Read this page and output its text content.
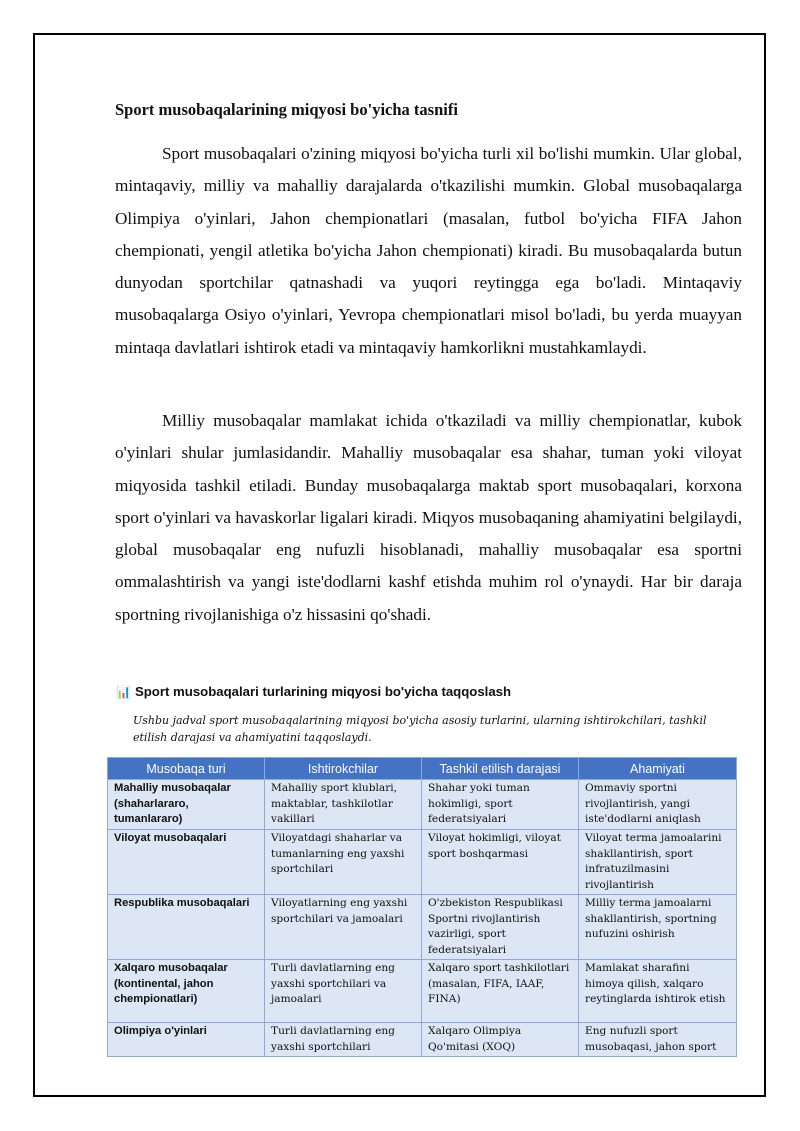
Sport musobaqalarining miqyosi bo'yicha tasnifi

Sport musobaqalari o'zining miqyosi bo'yicha turli xil bo'lishi mumkin. Ular global, mintaqaviy, milliy va mahalliy darajalarda o'tkazilishi mumkin. Global musobaqalarga Olimpiya o'yinlari, Jahon chempionatlari (masalan, futbol bo'yicha FIFA Jahon chempionati, yengil atletika bo'yicha Jahon chempionati) kiradi. Bu musobaqalarda butun dunyodan sportchilar qatnashadi va yuqori reytingga ega bo'ladi. Mintaqaviy musobaqalarga Osiyo o'yinlari, Yevropa chempionatlari misol bo'ladi, bu yerda muayyan mintaqa davlatlari ishtirok etadi va mintaqaviy hamkorlikni mustahkamlaydi.

Milliy musobaqalar mamlakat ichida o'tkaziladi va milliy chempionatlar, kubok o'yinlari shular jumlasidandir. Mahalliy musobaqalar esa shahar, tuman yoki viloyat miqyosida tashkil etiladi. Bunday musobaqalarga maktab sport musobaqalari, korxona sport o'yinlari va havaskorlar ligalari kiradi. Miqyos musobaqaning ahamiyatini belgilaydi, global musobaqalar eng nufuzli hisoblanadi, mahalliy musobaqalar esa sportni ommalashtirish va yangi iste'dodlarni kashf etishda muhim rol o'ynaydi. Har bir daraja sportning rivojlanishiga o'z hissasini qo'shadi.

📊 Sport musobaqalari turlarining miqyosi bo'yicha taqqoslash
Ushbu jadval sport musobaqalarining miqyosi bo'yicha asosiy turlarini, ularning ishtirokchilari, tashkil etilish darajasi va ahamiyatini taqqoslaydi.
Musobaqa turi	Ishtirokchilar	Tashkil etilish darajasi	Ahamiyati
Mahalliy musobaqalar (shaharlararo, tumanlararo)	Mahalliy sport klublari, maktablar, tashkilotlar vakillari	Shahar yoki tuman hokimligi, sport federatsiyalari	Ommaviy sportni rivojlantirish, yangi iste'dodlarni aniqlash
Viloyat musobaqalari	Viloyatdagi shaharlar va tumanlarning eng yaxshi sportchilari	Viloyat hokimligi, viloyat sport boshqarmasi	Viloyat terma jamoalarini shakllantirish, sport infratuzilmasini rivojlantirish
Respublika musobaqalari	Viloyatlarning eng yaxshi sportchilari va jamoalari	O'zbekiston Respublikasi Sportni rivojlantirish vazirligi, sport federatsiyalari	Milliy terma jamoalarni shakllantirish, sportning nufuzini oshirish
Xalqaro musobaqalar (kontinental, jahon chempionatlari)	Turli davlatlarning eng yaxshi sportchilari va jamoalari	Xalqaro sport tashkilotlari (masalan, FIFA, IAAF, FINA)	Mamlakat sharafini himoya qilish, xalqaro reytinglarda ishtirok etish
Olimpiya o'yinlari	Turli davlatlarning eng yaxshi sportchilari	Xalqaro Olimpiya Qo'mitasi (XOQ)	Eng nufuzli sport musobaqasi, jahon sport
